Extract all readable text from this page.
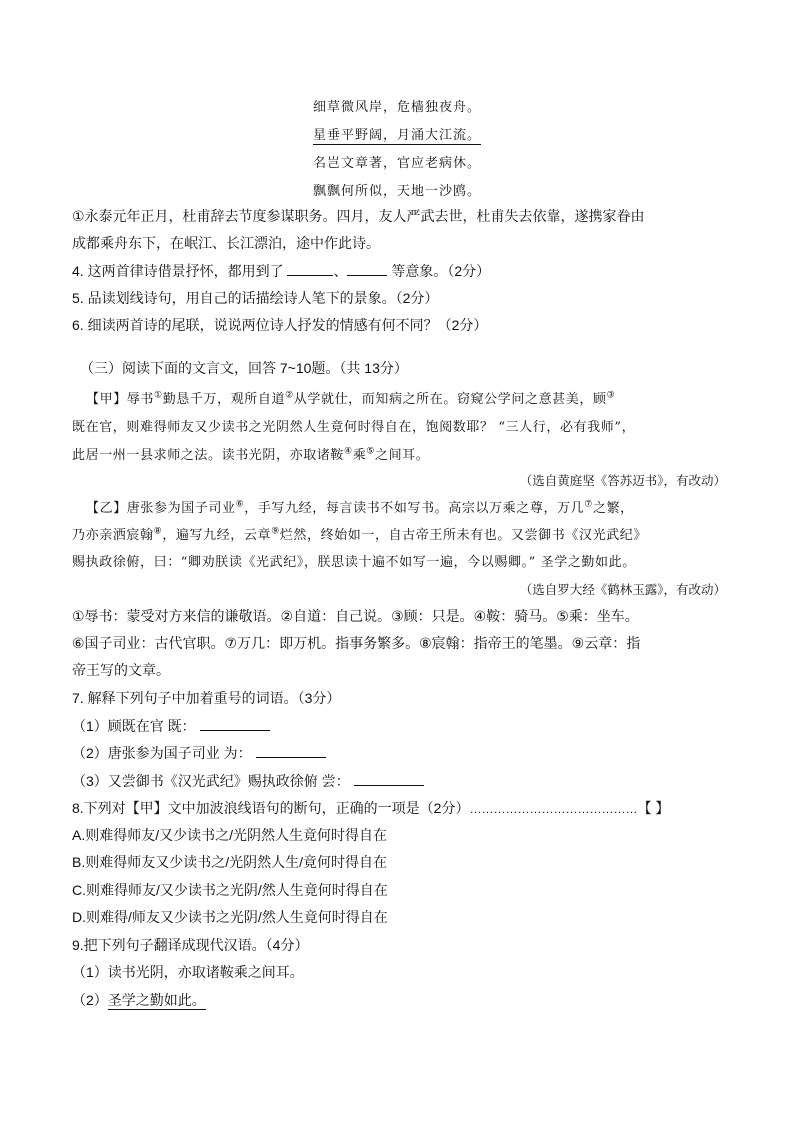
细草微风岸，危樯独夜舟。
星垂平野阔，月涌大江流。
名岂文章著，官应老病休。
飘飘何所似，天地一沙鸥。
①永泰元年正月，杜甫辞去节度参谋职务。四月，友人严武去世，杜甫失去依靠，遂携家眷由
成都乘舟东下，在岷江、长江漂泊，途中作此诗。
4. 这两首律诗借景抒怀，都用到了	、	等意象。（2分）
5. 品读划线诗句，用自己的话描绘诗人笔下的景象。（2分）
6. 细读两首诗的尾联，说说两位诗人抒发的情感有何不同？（2分）
（三）阅读下面的文言文，回答 7~10题。（共 13分）
【甲】辱书①勤恳千万，观所自道②从学就仕，而知病之所在。窃窥公学问之意甚美，顾③
既在官，则难得师友又少读书之光阴然人生竟何时得自在，饱阅数耶？ “三人行，必有我师”，
此居一州一县求师之法。读书光阴，亦取诸鞍④乘⑤之间耳。
（选自黄庭坚《答苏迈书》，有改动）
【乙】唐张参为国子司业⑥，手写九经，每言读书不如写书。高宗以万乘之尊，万几⑦之繁，
乃亦亲洒宸翰⑧，遍写九经，云章⑨烂然，终始如一，自古帝王所未有也。又尝御书《汉光武纪》
赐执政徐俯，曰：“卿劝朕读《光武纪》，朕思读十遍不如写一遍，今以赐卿。” 圣学之勤如此。
（选自罗大经《鹤林玉露》，有改动）
①辱书：蒙受对方来信的谦敬语。②自道：自己说。③顾：只是。④鞍：骑马。⑤乘：坐车。
⑥国子司业：古代官职。⑦万几：即万机。指事务繁多。⑧宸翰：指帝王的笔墨。⑨云章：指
帝王写的文章。
7. 解释下列句子中加着重号的词语。（3分）
（1）顾既在官 既：
（2）唐张参为国子司业 为：
（3）又尝御书《汉光武纪》赐执政徐俯 尝：
8.下列对【甲】文中加波浪线语句的断句，正确的一项是（2分）……………………………………【 】
A.则难得师友/又少读书之/光阴然人生竟何时得自在
B.则难得师友又少读书之/光阴然人生/竟何时得自在
C.则难得师友/又少读书之光阴/然人生竟何时得自在
D.则难得/师友又少读书之光阴/然人生竟何时得自在
9.把下列句子翻译成现代汉语。（4分）
（1）读书光阴，亦取诸鞍乘之间耳。
（2）圣学之勤如此。
